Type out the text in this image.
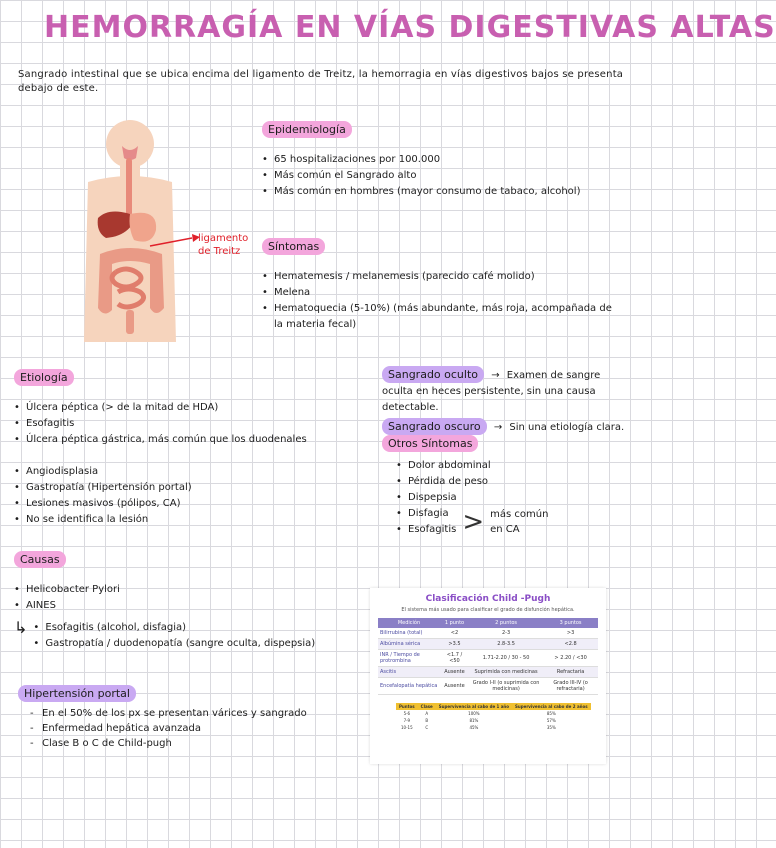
HEMORRAGÍA EN VÍAS DIGESTIVAS ALTAS
Sangrado intestinal que se ubica encima del ligamento de Treitz, la hemorragia en vías digestivos bajos se presenta debajo de este.
ligamento de Treitz
Epidemiología
• 65 hospitalizaciones por 100.000
• Más común el Sangrado alto
• Más común en hombres (mayor consumo de tabaco, alcohol)
Síntomas
• Hematemesis / melanemesis (parecido café molido)
• Melena
• Hematoquecia (5-10%) (más abundante, más roja, acompañada de la materia fecal)
Etiología
• Úlcera péptica (> de la mitad de HDA)
• Esofagitis
• Úlcera péptica gástrica, más común que los duodenales
• Angiodisplasia
• Gastropatía (Hipertensión portal)
• Lesiones masivos (pólipos, CA)
• No se identifica la lesión
Sangrado oculto → Examen de sangre oculta en heces persistente, sin una causa detectable.
Sangrado oscuro → Sin una etiología clara.
Otros Síntomas
• Dolor abdominal
• Pérdida de peso
• Dispepsia
• Disfagia
• Esofagitis > más común en CA
Causas
• Helicobacter Pylori
• AINES
↳	• Esofagitis (alcohol, disfagia)
• Gastropatía / duodenopatía (sangre oculta, dispepsia)
Hipertensión portal
- En el 50% de los px se presentan várices y sangrado
- Enfermedad hepática avanzada
- Clase B o C de Child-pugh
Clasificación Child -Pugh
El sistema más usado para clasificar el grado de disfunción hepática.
Medición	1 punto	2 puntos	3 puntos
Bilirrubina (total)	<2	2-3	>3
Albúmina sérica	>3.5	2.8-3.5	<2.8
INR / Tiempo de protrombina	<1.7 / <50	1.71-2.20 / 30 - 50	> 2.20 / <30
Ascitis	Ausente	Suprimida con medicinas	Refractaria
Encefalopatía hepática	Ausente	Grado I-II (o suprimida con medicinas)	Grado III-IV (o refractaria)
Puntos	Clase	Supervivencia al cabo de 1 año	Supervivencia al cabo de 2 años
5-6	A	100%	85%
7-9	B	81%	57%
10-15	C	45%	35%
